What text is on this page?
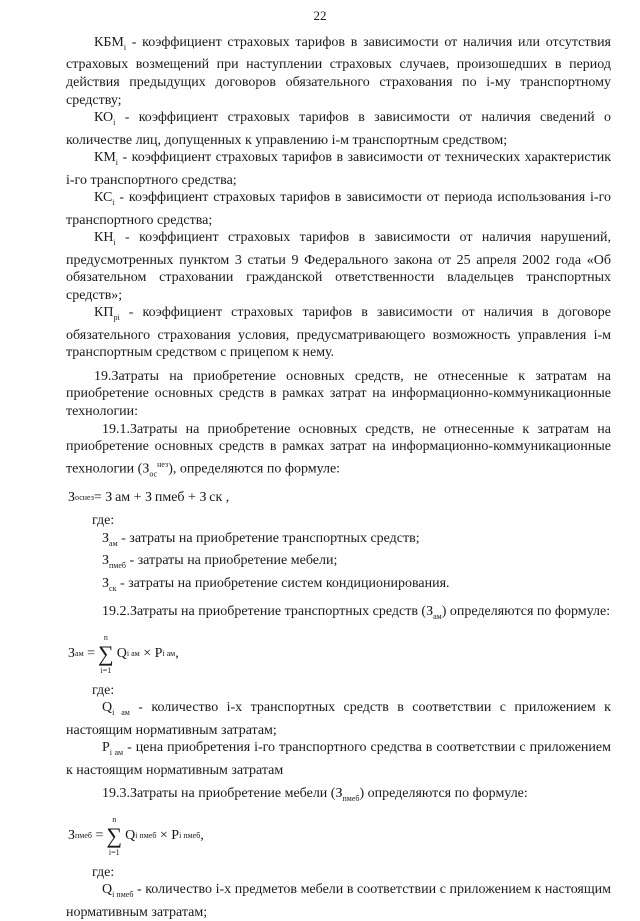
22

$КБМ_i$ - коэффициент страховых тарифов в зависимости от наличия или отсутствия страховых возмещений при наступлении страховых случаев, произошедших в период действия предыдущих договоров обязательного страхования по i-му транспортному средству;

$КО_i$ - коэффициент страховых тарифов в зависимости от наличия сведений о количестве лиц, допущенных к управлению i-м транспортным средством;

$КМ_i$ - коэффициент страховых тарифов в зависимости от технических характеристик i-го транспортного средства;

$КС_i$ - коэффициент страховых тарифов в зависимости от периода использования i-го транспортного средства;

$КН_i$ - коэффициент страховых тарифов в зависимости от наличия нарушений, предусмотренных пунктом 3 статьи 9 Федерального закона от 25 апреля 2002 года «Об обязательном страховании гражданской ответственности владельцев транспортных средств»;

$КП_{рi}$ - коэффициент страховых тарифов в зависимости от наличия в договоре обязательного страхования условия, предусматривающего возможность управления i-м транспортным средством с прицепом к нему.

19.Затраты на приобретение основных средств, не отнесенные к затратам на приобретение основных средств в рамках затрат на информационно-коммуникационные технологии:

19.1.Затраты на приобретение основных средств, не отнесенные к затратам на приобретение основных средств в рамках затрат на информационно-коммуникационные технологии $(З_{ос}^{нез})$, определяются по формуле:

З ос нез = З ам + З пмеб + З ск ,

где:

$З_{ам}$ - затраты на приобретение транспортных средств;

$З_{пмеб}$ - затраты на приобретение мебели;

$З_{ск}$ - затраты на приобретение систем кондиционирования.

19.2.Затраты на приобретение транспортных средств $(З_{ам})$ определяются по формуле:

З ам
=
n
∑
i=1
Q i ам
×
P i ам ,

где:

$Q_{i ам}$ - количество i-х транспортных средств в соответствии с приложением к настоящим нормативным затратам;

$P_{i ам}$ - цена приобретения i-го транспортного средства в соответствии с приложением к настоящим нормативным затратам

19.3.Затраты на приобретение мебели $(З_{пмеб})$ определяются по формуле:

З пмеб
=
n
∑
i=1
Q i пмеб
×
P i пмеб ,

где:

$Q_{i пмеб}$ - количество i-х предметов мебели в соответствии с приложением к настоящим нормативным затратам;
